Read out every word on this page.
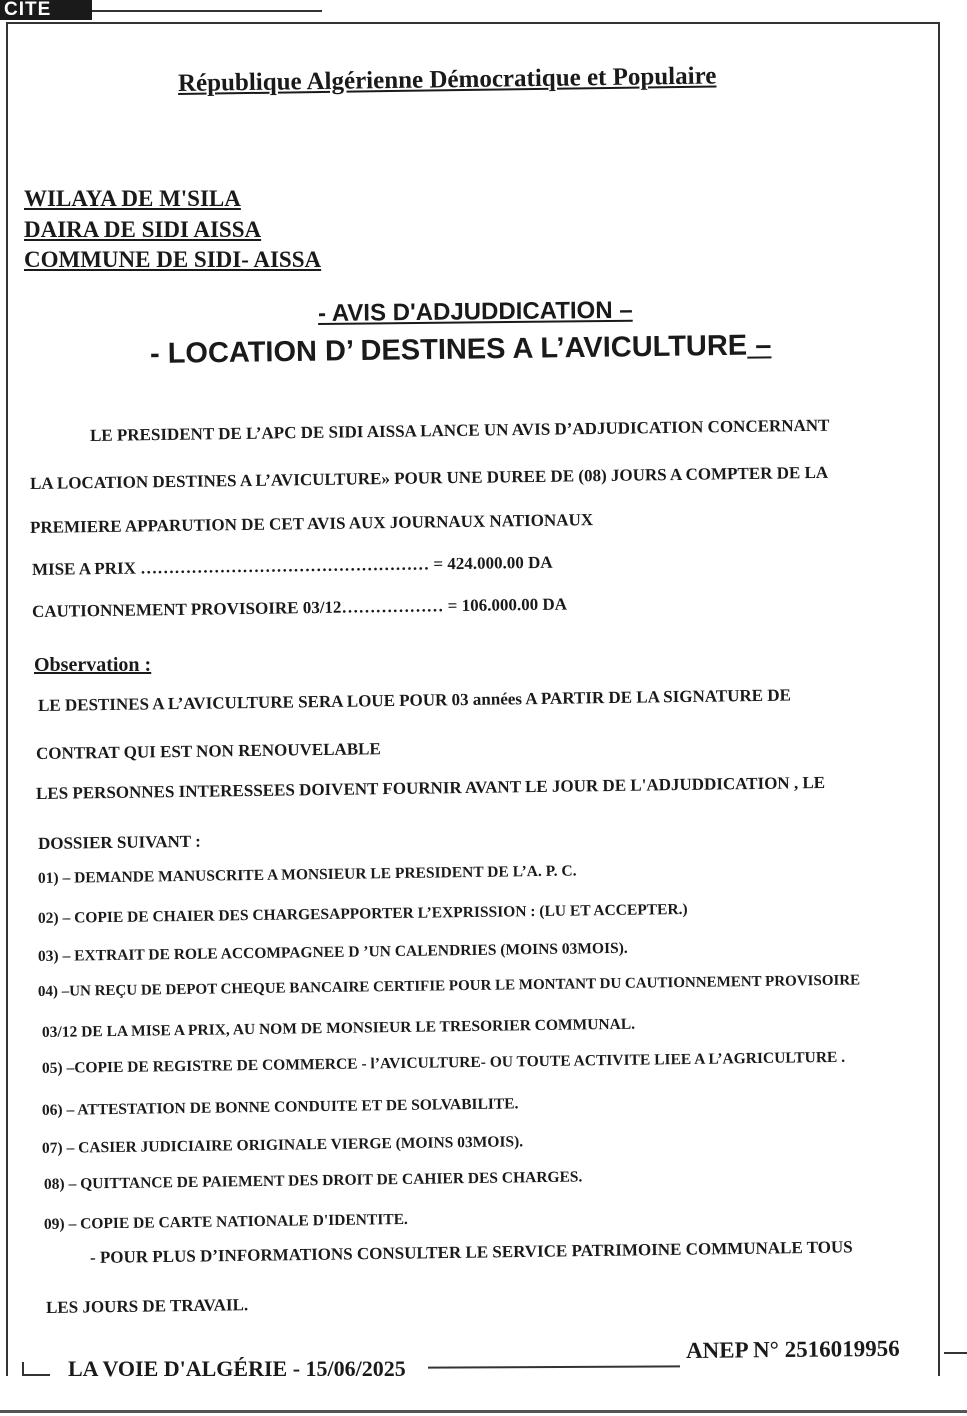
CITE
République Algérienne Démocratique et Populaire
WILAYA DE M'SILA
DAIRA DE SIDI AISSA
COMMUNE DE SIDI- AISSA
- AVIS D'ADJUDDICATION –
- LOCATION D’ DESTINES A L’AVICULTURE –
LE PRESIDENT DE L’APC DE SIDI AISSA LANCE UN AVIS D’ADJUDICATION CONCERNANT
LA LOCATION DESTINES A L’AVICULTURE» POUR UNE DUREE DE (08) JOURS A COMPTER DE LA
PREMIERE APPARUTION DE CET AVIS AUX JOURNAUX NATIONAUX
MISE A PRIX …………………………………………… = 424.000.00 DA
CAUTIONNEMENT PROVISOIRE 03/12……………… = 106.000.00 DA
Observation :
LE DESTINES A L’AVICULTURE SERA LOUE POUR 03 années A PARTIR DE LA SIGNATURE DE
CONTRAT QUI EST NON RENOUVELABLE
LES PERSONNES INTERESSEES DOIVENT FOURNIR AVANT LE JOUR DE L'ADJUDDICATION , LE
DOSSIER SUIVANT :
01) – DEMANDE MANUSCRITE A MONSIEUR LE PRESIDENT DE L’A. P. C.
02) – COPIE DE CHAIER DES CHARGESAPPORTER L’EXPRISSION : (LU ET ACCEPTER.)
03) – EXTRAIT DE ROLE ACCOMPAGNEE D ’UN CALENDRIES (MOINS 03MOIS).
04) –UN REÇU DE DEPOT CHEQUE BANCAIRE CERTIFIE POUR LE MONTANT DU CAUTIONNEMENT PROVISOIRE
03/12 DE LA MISE A PRIX, AU NOM DE MONSIEUR LE TRESORIER COMMUNAL.
05) –COPIE DE REGISTRE DE COMMERCE - l’AVICULTURE- OU TOUTE ACTIVITE LIEE A L’AGRICULTURE .
06) – ATTESTATION DE BONNE CONDUITE ET DE SOLVABILITE.
07) – CASIER JUDICIAIRE ORIGINALE VIERGE (MOINS 03MOIS).
08) – QUITTANCE DE PAIEMENT DES DROIT DE CAHIER DES CHARGES.
09) – COPIE DE CARTE NATIONALE D'IDENTITE.
- POUR PLUS D’INFORMATIONS CONSULTER LE SERVICE PATRIMOINE COMMUNALE TOUS
LES JOURS DE TRAVAIL.
LA VOIE D'ALGÉRIE - 15/06/2025
ANEP N° 2516019956
